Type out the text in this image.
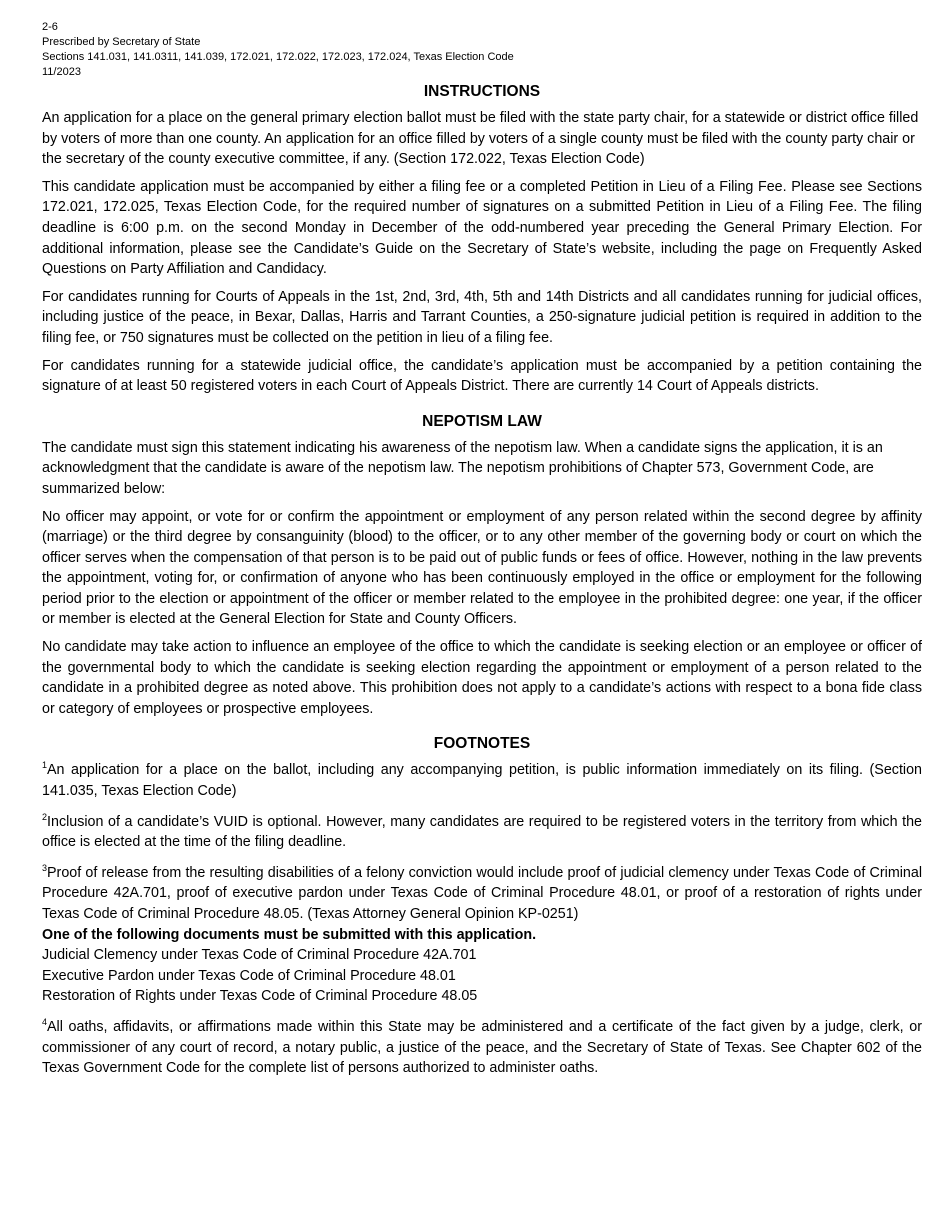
2-6
Prescribed by Secretary of State
Sections 141.031, 141.0311, 141.039, 172.021, 172.022, 172.023, 172.024, Texas Election Code
11/2023
INSTRUCTIONS

An application for a place on the general primary election ballot must be filed with the state party chair, for a statewide or district office filled by voters of more than one county. An application for an office filled by voters of a single county must be filed with the county party chair or the secretary of the county executive committee, if any. (Section 172.022, Texas Election Code)

This candidate application must be accompanied by either a filing fee or a completed Petition in Lieu of a Filing Fee. Please see Sections 172.021, 172.025, Texas Election Code, for the required number of signatures on a submitted Petition in Lieu of a Filing Fee. The filing deadline is 6:00 p.m. on the second Monday in December of the odd-numbered year preceding the General Primary Election. For additional information, please see the Candidate’s Guide on the Secretary of State’s website, including the page on Frequently Asked Questions on Party Affiliation and Candidacy.

For candidates running for Courts of Appeals in the 1st, 2nd, 3rd, 4th, 5th and 14th Districts and all candidates running for judicial offices, including justice of the peace, in Bexar, Dallas, Harris and Tarrant Counties, a 250-signature judicial petition is required in addition to the filing fee, or 750 signatures must be collected on the petition in lieu of a filing fee.

For candidates running for a statewide judicial office, the candidate’s application must be accompanied by a petition containing the signature of at least 50 registered voters in each Court of Appeals District. There are currently 14 Court of Appeals districts.

NEPOTISM LAW

The candidate must sign this statement indicating his awareness of the nepotism law. When a candidate signs the application, it is an acknowledgment that the candidate is aware of the nepotism law. The nepotism prohibitions of Chapter 573, Government Code, are summarized below:

No officer may appoint, or vote for or confirm the appointment or employment of any person related within the second degree by affinity (marriage) or the third degree by consanguinity (blood) to the officer, or to any other member of the governing body or court on which the officer serves when the compensation of that person is to be paid out of public funds or fees of office. However, nothing in the law prevents the appointment, voting for, or confirmation of anyone who has been continuously employed in the office or employment for the following period prior to the election or appointment of the officer or member related to the employee in the prohibited degree: one year, if the officer or member is elected at the General Election for State and County Officers.

No candidate may take action to influence an employee of the office to which the candidate is seeking election or an employee or officer of the governmental body to which the candidate is seeking election regarding the appointment or employment of a person related to the candidate in a prohibited degree as noted above. This prohibition does not apply to a candidate’s actions with respect to a bona fide class or category of employees or prospective employees.

FOOTNOTES

$^1$An application for a place on the ballot, including any accompanying petition, is public information immediately on its filing. (Section 141.035, Texas Election Code)

$^2$Inclusion of a candidate’s VUID is optional. However, many candidates are required to be registered voters in the territory from which the office is elected at the time of the filing deadline.

$^3$Proof of release from the resulting disabilities of a felony conviction would include proof of judicial clemency under Texas Code of Criminal Procedure 42A.701, proof of executive pardon under Texas Code of Criminal Procedure 48.01, or proof of a restoration of rights under Texas Code of Criminal Procedure 48.05. (Texas Attorney General Opinion KP-0251)

One of the following documents must be submitted with this application.
Judicial Clemency under Texas Code of Criminal Procedure 42A.701
Executive Pardon under Texas Code of Criminal Procedure 48.01
Restoration of Rights under Texas Code of Criminal Procedure 48.05

$^4$All oaths, affidavits, or affirmations made within this State may be administered and a certificate of the fact given by a judge, clerk, or commissioner of any court of record, a notary public, a justice of the peace, and the Secretary of State of Texas. See Chapter 602 of the Texas Government Code for the complete list of persons authorized to administer oaths.
